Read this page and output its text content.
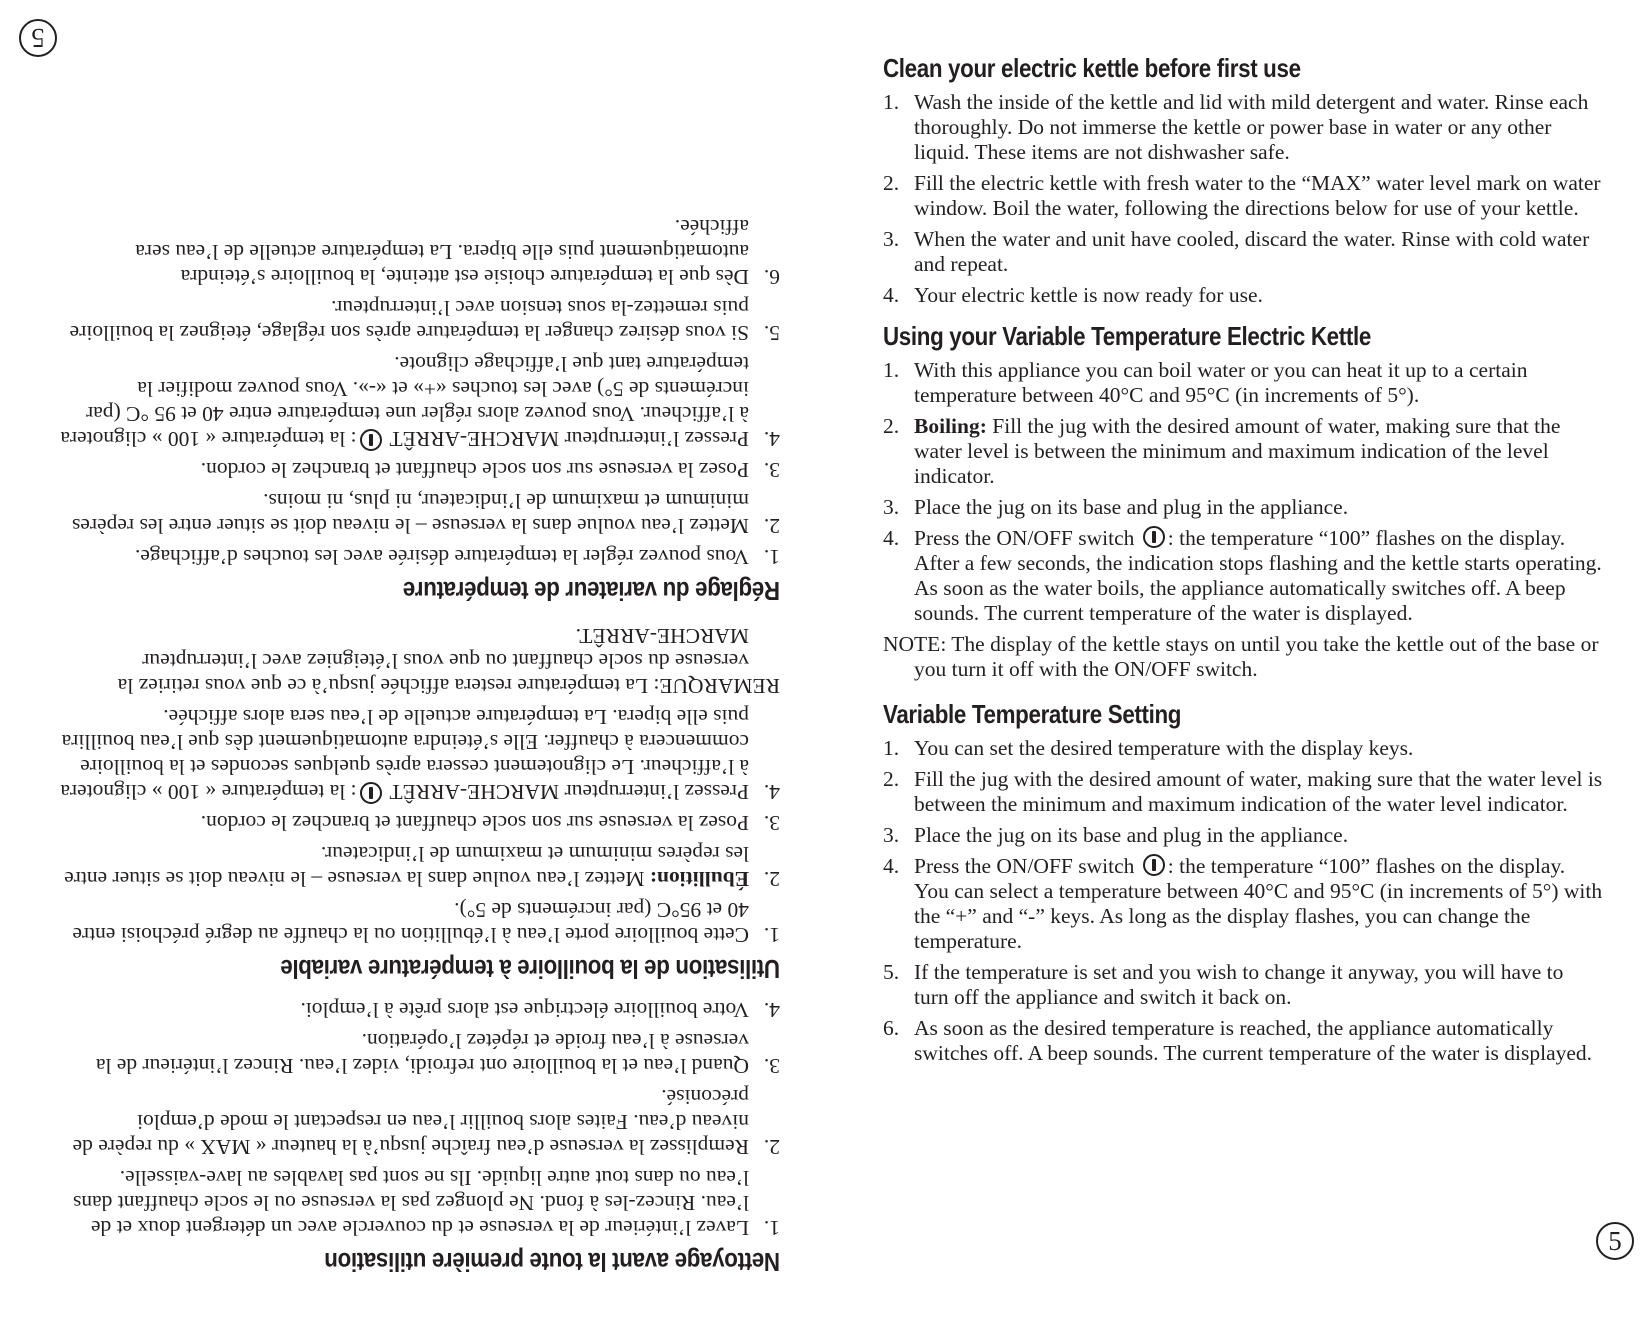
5
5
Nettoyage avant la toute première utilisation
1.
Lavez l’intérieur de la verseuse et du couvercle avec un détergent doux et de l’eau. Rincez-les à fond. Ne plongez pas la verseuse ou le socle chauffant dans l’eau ou dans tout autre liquide. Ils ne sont pas lavables au lave-vaisselle.
2.
Remplissez la verseuse d’eau fraîche jusqu’à la hauteur « MAX » du repère de niveau d’eau. Faites alors bouillir l’eau en respectant le mode d’emploi préconisé.
3.
Quand l’eau et la bouilloire ont refroidi, videz l’eau. Rincez l’intérieur de la verseuse à l’eau froide et répétez l’opération.
4.
Votre bouilloire électrique est alors prête à l’emploi.
Utilisation de la bouilloire à température variable
1.
Cette bouilloire porte l’eau à l’ébullition ou la chauffe au degré préchoisi entre 40 et 95°C (par incréments de 5°).
2.
Ébullition: Mettez l’eau voulue dans la verseuse – le niveau doit se situer entre les repères minimum et maximum de l’indicateur.
3.
Posez la verseuse sur son socle chauffant et branchez le cordon.
4.
Pressez l’interrupteur MARCHE-ARRÊT : la température « 100 » clignotera à l’afficheur. Le clignotement cessera après quelques secondes et la bouilloire commencera à chauffer. Elle s’éteindra automatiquement dès que l’eau bouillira puis elle bipera. La température actuelle de l’eau sera alors affichée.
REMARQUE: La température restera affichée jusqu’à ce que vous retiriez la verseuse du socle chauffant ou que vous l’éteigniez avec l’interrupteur MARCHE-ARRÊT.
Réglage du variateur de température
1.
Vous pouvez régler la température désirée avec les touches d’affichage.
2.
Mettez l’eau voulue dans la verseuse – le niveau doit se situer entre les repères minimum et maximum de l’indicateur, ni plus, ni moins.
3.
Posez la verseuse sur son socle chauffant et branchez le cordon.
4.
Pressez l’interrupteur MARCHE-ARRÊT : la température « 100 » clignotera à l’afficheur. Vous pouvez alors régler une température entre 40 et 95 °C (par incréments de 5°) avec les touches «+» et «-». Vous pouvez modifier la température tant que l’affichage clignote.
5.
Si vous désirez changer la température après son réglage, éteignez la bouilloire puis remettez-la sous tension avec l’interrupteur.
6.
Dès que la température choisie est atteinte, la bouilloire s’éteindra automatiquement puis elle bipera. La température actuelle de l’eau sera affichée.
Clean your electric kettle before first use
1. Wash the inside of the kettle and lid with mild detergent and water. Rinse each thoroughly. Do not immerse the kettle or power base in water or any other liquid. These items are not dishwasher safe.
2. Fill the electric kettle with fresh water to the “MAX” water level mark on water window. Boil the water, following the directions below for use of your kettle.
3. When the water and unit have cooled, discard the water. Rinse with cold water and repeat.
4. Your electric kettle is now ready for use.
Using your Variable Temperature Electric Kettle
1. With this appliance you can boil water or you can heat it up to a certain temperature between 40°C and 95°C (in increments of 5°).
2. Boiling: Fill the jug with the desired amount of water, making sure that the water level is between the minimum and maximum indication of the level indicator.
3. Place the jug on its base and plug in the appliance.
4. Press the ON/OFF switch : the temperature “100” flashes on the display. After a few seconds, the indication stops flashing and the kettle starts operating. As soon as the water boils, the appliance automatically switches off. A beep sounds. The current temperature of the water is displayed.
NOTE: The display of the kettle stays on until you take the kettle out of the base or you turn it off with the ON/OFF switch.
Variable Temperature Setting
1. You can set the desired temperature with the display keys.
2. Fill the jug with the desired amount of water, making sure that the water level is between the minimum and maximum indication of the water level indicator.
3. Place the jug on its base and plug in the appliance.
4. Press the ON/OFF switch : the temperature “100” flashes on the display. You can select a temperature between 40°C and 95°C (in increments of 5°) with the “+” and “-” keys. As long as the display flashes, you can change the temperature.
5. If the temperature is set and you wish to change it anyway, you will have to turn off the appliance and switch it back on.
6. As soon as the desired temperature is reached, the appliance automatically switches off. A beep sounds. The current temperature of the water is displayed.
